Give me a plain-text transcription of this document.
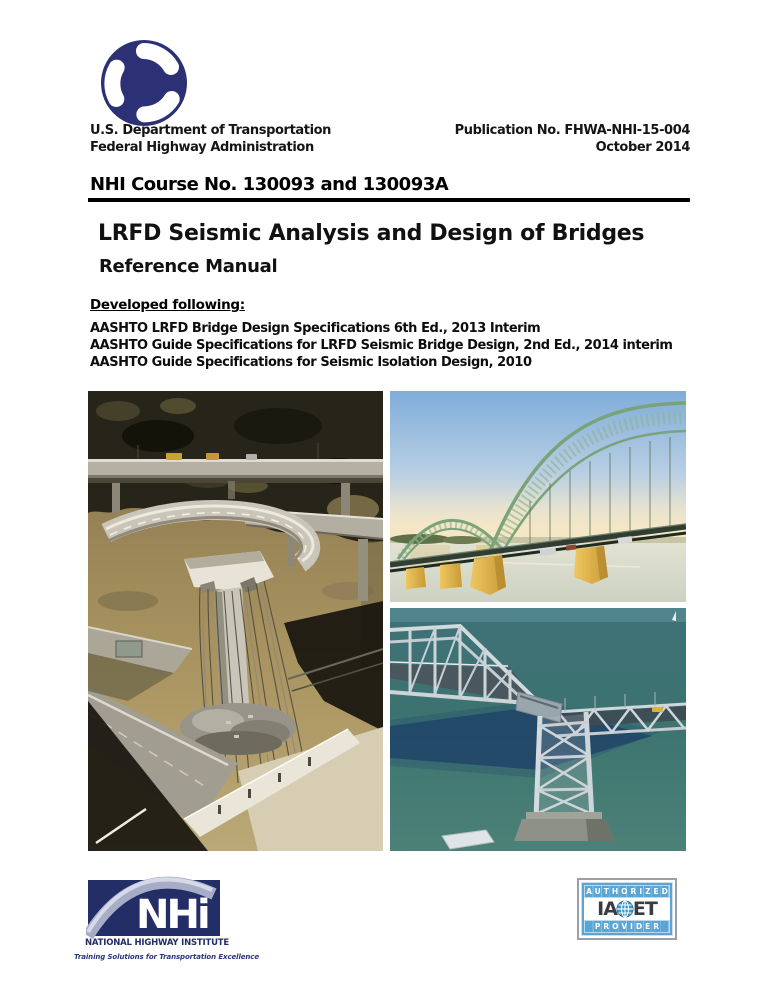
U.S. Department of Transportation
Federal Highway Administration
Publication No. FHWA-NHI-15-004
October 2014
NHI Course No. 130093 and 130093A
LRFD Seismic Analysis and Design of Bridges
Reference Manual
Developed following:
AASHTO LRFD Bridge Design Specifications 6th Ed., 2013 Interim
AASHTO Guide Specifications for LRFD Seismic Bridge Design, 2nd Ed., 2014 interim
AASHTO Guide Specifications for Seismic Isolation Design, 2010
NHi
NATIONAL HIGHWAY INSTITUTE
Training Solutions for Transportation Excellence
AUTHORIZED
IA ET
PROVIDER
